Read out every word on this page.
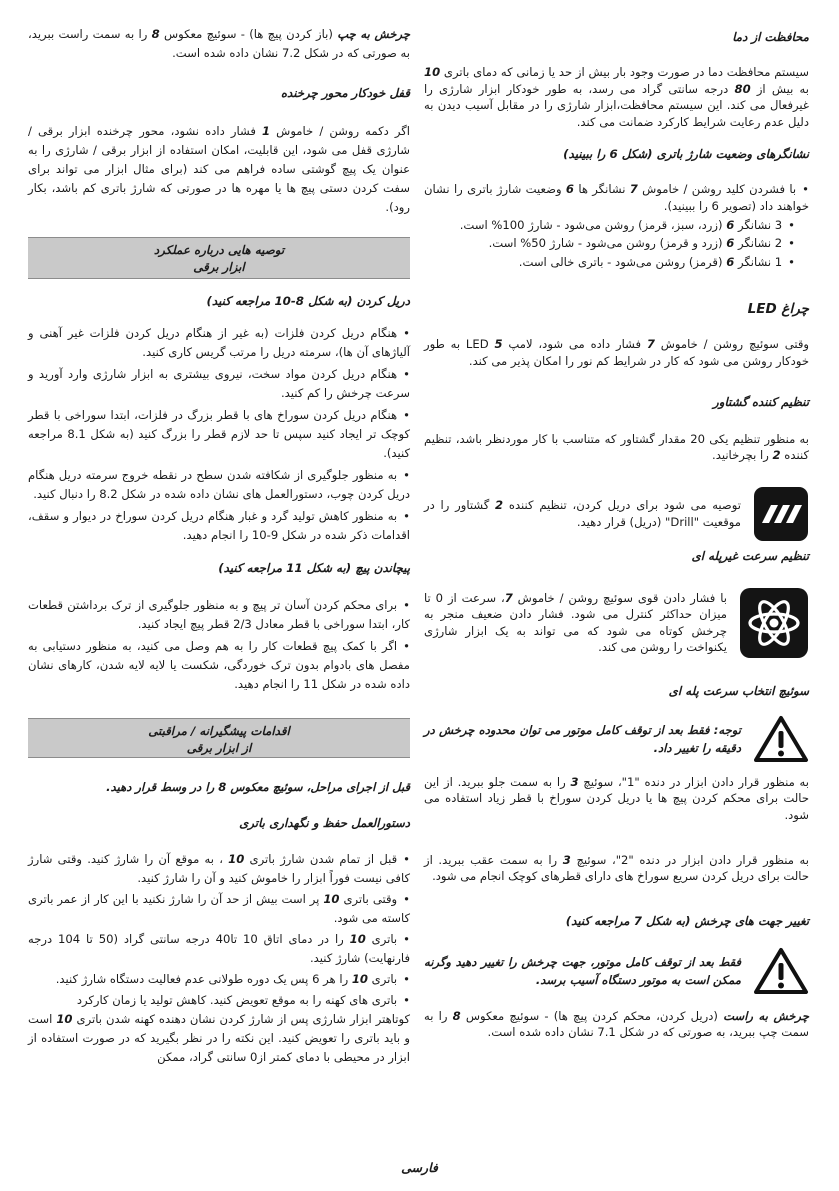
محافظت از دما

سیستم محافظت دما در صورت وجود بار بیش از حد یا زمانی که دمای باتری 10 به بیش از 80 درجه سانتی گراد می رسد، به طور خودکار ابزار شارژی را غیرفعال می کند. این سیستم محافظت،ابزار شارژی را در مقابل آسیب دیدن به دلیل عدم رعایت شرایط کارکرد ضمانت می کند.

نشانگرهای وضعیت شارژ باتری (شکل 6 را ببینید)

• با فشردن کلید روشن / خاموش 7 نشانگر ها 6 وضعیت شارژ باتری را نشان خواهند داد (تصویر 6 را ببینید).

• 3 نشانگر 6 (زرد، سبز، قرمز) روشن می‌شود - شارژ 100% است.

• 2 نشانگر 6 (زرد و قرمز) روشن می‌شود - شارژ 50% است.

• 1 نشانگر 6 (قرمز) روشن می‌شود - باتری خالی است.

چراغ LED

وقتی سوئیچ روشن / خاموش 7 فشار داده می شود، لامپ 5 LED به طور خودکار روشن می شود که کار در شرایط کم نور را امکان پذیر می کند.

تنظیم کننده گشتاور

به منظور تنظیم یکی 20 مقدار گشتاور که متناسب با کار موردنظر باشد، تنظیم کننده 2 را بچرخانید.

توصیه می شود برای دریل کردن، تنظیم کننده 2 گشتاور را در موقعیت "Drill" (دریل) قرار دهید.

تنظیم سرعت غیرپله ای

با فشار دادن قوی سوئیچ روشن / خاموش 7، سرعت از 0 تا میزان حداکثر کنترل می شود. فشار دادن ضعیف منجر به چرخش کوتاه می شود که می تواند به یک ابزار شارژی یکنواخت را روشن می کند.

سوئیچ انتخاب سرعت پله ای

توجه: فقط بعد از توقف کامل موتور می توان محدوده چرخش در دقیقه را تغییر داد.

به منظور قرار دادن ابزار در دنده "1"، سوئیچ 3 را به سمت جلو ببرید. از این حالت برای محکم کردن پیچ ها یا دریل کردن سوراخ با قطر زیاد استفاده می شود.

به منظور قرار دادن ابزار در دنده "2"، سوئیچ 3 را به سمت عقب ببرید. از حالت برای دریل کردن سریع سوراخ های دارای قطرهای کوچک انجام می شود.

تغییر جهت های چرخش (به شکل 7 مراجعه کنید)

فقط بعد از توقف کامل موتور، جهت چرخش را تغییر دهید وگرنه ممکن است به موتور دستگاه آسیب برسد.

چرخش به راست (دریل کردن، محکم کردن پیچ ها) - سوئیچ معکوس 8 را به سمت چپ ببرید، به صورتی که در شکل 7.1 نشان داده شده است.

چرخش به چپ (باز کردن پیچ ها) - سوئیچ معکوس 8 را به سمت راست ببرید، به صورتی که در شکل 7.2 نشان داده شده است.

قفل خودکار محور چرخنده

اگر دکمه روشن / خاموش 1 فشار داده نشود، محور چرخنده ابزار برقی / شارژی قفل می شود، این قابلیت، امکان استفاده از ابزار برقی / شارژی را به عنوان یک پیچ گوشتی ساده فراهم می کند (برای مثال ابزار می تواند برای سفت کردن دستی پیچ ها یا مهره ها در صورتی که شارژ باتری کم باشد، بکار رود).

توصیه هایی درباره عملکرد
ابزار برقی
دریل کردن (به شکل 8-10 مراجعه کنید)

• هنگام دریل کردن فلزات (به غیر از هنگام دریل کردن فلزات غیر آهنی و آلیاژهای آن ها)، سرمته دریل را مرتب گریس کاری کنید.

• هنگام دریل کردن مواد سخت، نیروی بیشتری به ابزار شارژی وارد آورید و سرعت چرخش را کم کنید.

• هنگام دریل کردن سوراخ های با قطر بزرگ در فلزات، ابتدا سوراخی با قطر کوچک تر ایجاد کنید سپس تا حد لازم قطر را بزرگ کنید (به شکل 8.1 مراجعه کنید).

• به منظور جلوگیری از شکافته شدن سطح در نقطه خروج سرمته دریل هنگام دریل کردن چوب، دستورالعمل های نشان داده شده در شکل 8.2 را دنبال کنید.

• به منظور کاهش تولید گرد و غبار هنگام دریل کردن سوراخ در دیوار و سقف، اقدامات ذکر شده در شکل 9-10 را انجام دهید.

پیچاندن پیچ (به شکل 11 مراجعه کنید)

• برای محکم کردن آسان تر پیچ و به منظور جلوگیری از ترک برداشتن قطعات کار، ابتدا سوراخی با قطر معادل 2/3 قطر پیچ ایجاد کنید.

• اگر با کمک پیچ قطعات کار را به هم وصل می کنید، به منظور دستیابی به مفصل های بادوام بدون ترک خوردگی، شکست یا لایه لایه شدن، کارهای نشان داده شده در شکل 11 را انجام دهید.

اقدامات پیشگیرانه / مراقبتی
از ابزار برقی

قبل از اجرای مراحل، سوئیچ معکوس 8 را در وسط قرار دهید.

دستورالعمل حفظ و نگهداری باتری

• قبل از تمام شدن شارژ باتری 10 ، به موقع آن را شارژ کنید. وقتی شارژ کافی نیست فوراً ابزار را خاموش کنید و آن را شارژ کنید.

• وقتی باتری 10 پر است بیش از حد آن را شارژ نکنید با این کار از عمر باتری کاسته می شود.

• باتری 10 را در دمای اتاق 10 تا40 درجه سانتی گراد (50 تا 104 درجه فارنهایت) شارژ کنید.

• باتری 10 را هر 6 پس یک دوره طولانی عدم فعالیت دستگاه شارژ کنید.

• باتری های کهنه را به موقع تعویض کنید. کاهش تولید یا زمان کارکرد

کوتاهتر ابزار شارژی پس از شارژ کردن نشان دهنده کهنه شدن باتری 10 است و باید باتری را تعویض کنید. این نکته را در نظر بگیرید که در صورت استفاده از ابزار در محیطی با دمای کمتر از0 سانتی گراد، ممکن

فارسی
